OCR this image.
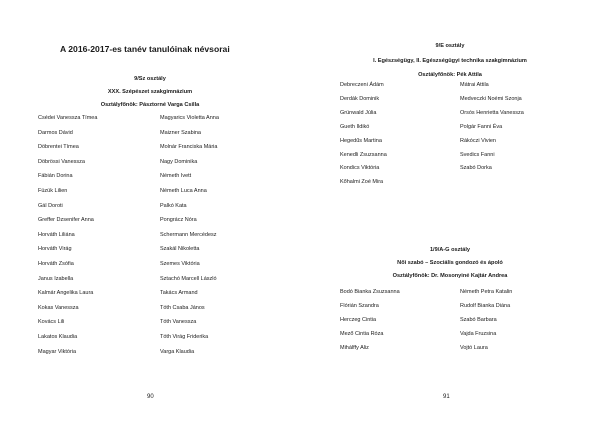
A 2016-2017-es tanév tanulóinak névsorai
9/Sz osztály
XXX. Szépészet szakgimnázium
Osztályfőnök: Pásztorné Varga Csilla
Csédei Vanessza Tímea
Darmos Dávid
Döbrentei Tímea
Döbrössi Vanessza
Fábián Dorina
Füzük Lilien
Gál Doroti
Greffer Dzsenifer Anna
Horváth Liliána
Horváth Virág
Horváth Zsófia
Janus Izabella
Kalmár Angelika Laura
Kokas Vanessza
Kovács Lili
Lakatos Klaudia
Magyar Viktória
Magyarics Violetta Anna
Maizner Szabina
Molnár Franciska Mária
Nagy Dominika
Németh Ivett
Németh Luca Anna
Palkó Kata
Pongrácz Nóra
Schermann Mercédesz
Szakál Nikoletta
Szemes Viktória
Sztachó Marcell László
Takács Armand
Tóth Csaba János
Tóth Vanessza
Tóth Virág Friderika
Varga Klaudia
90
9/E osztály
I. Egészségügy, II. Egészségügyi technika szakgimnázium
Osztályfőnök: Pék Attila
Debreczeni Ádám
Derdák Dominik
Grünwald Júlia
Gueth Ildikó
Hegedűs Martina
Kenedli Zsuzsanna
Kondics Viktória
Kőhalmi Zoé Mira
Mátrai Attila
Medveczki Noémi Szonja
Orsós Henrietta Vanessza
Polgár Fanni Éva
Rákóczi Vivien
Svedics Fanni
Szabó Dorka
1/9/A-G osztály
Női szabó – Szociális gondozó és ápoló
Osztályfőnök: Dr. Mosonyiné Kajtár Andrea
Bodó Bianka Zsuzsanna
Flórián Szandra
Herczeg Cintia
Mező Cintia Róza
Mihálffy Aliz
Németh Petra Katalin
Rudolf Bianka Diána
Szabó Barbara
Vajda Fruzsina
Vojtó Laura
91
